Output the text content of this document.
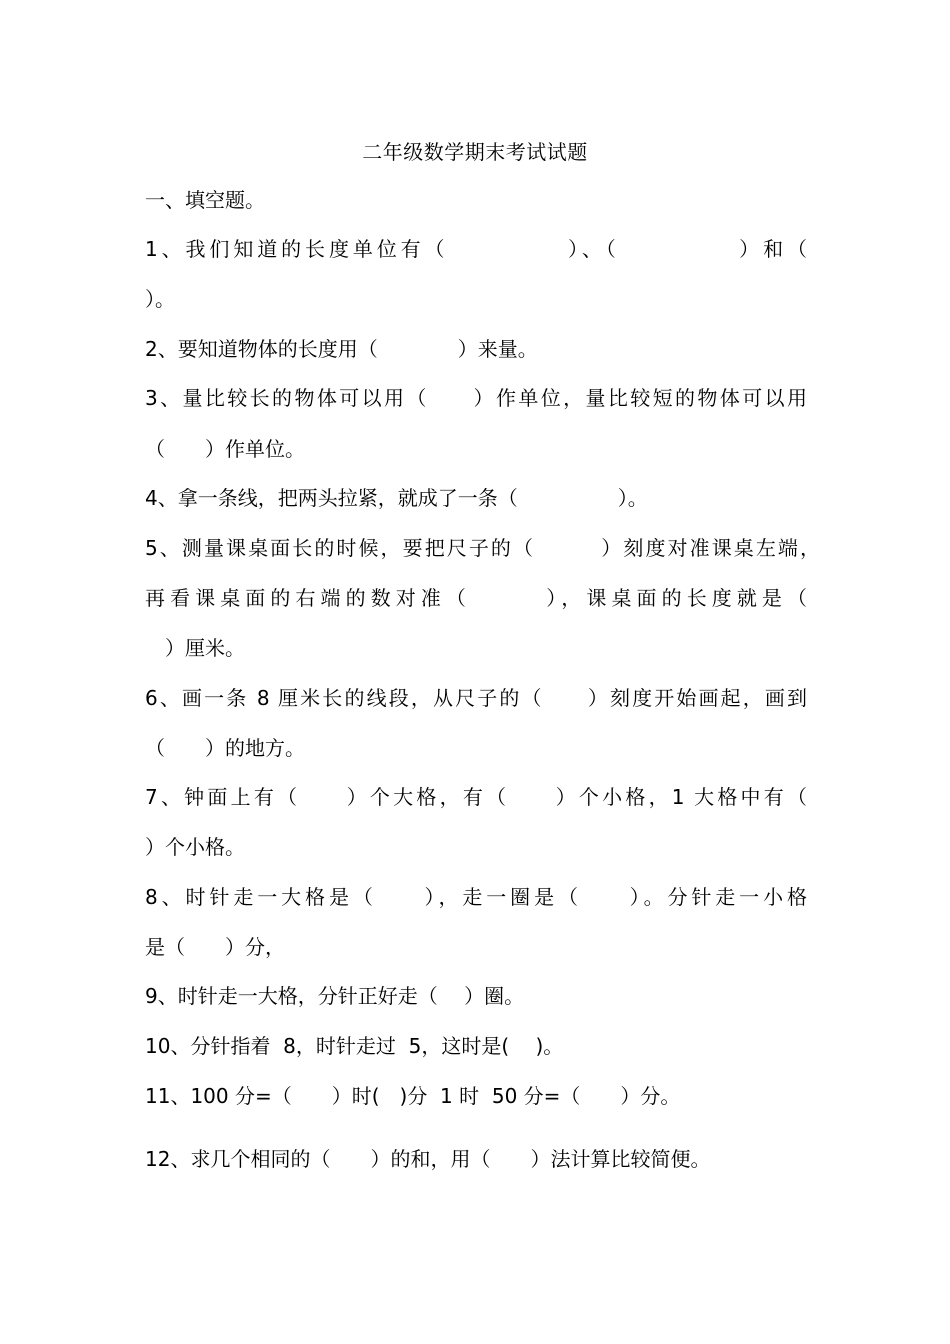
二年级数学期末考试试题
一、填空题。
1、我们知道的长度单位有（　　　　　）、（　　　　　）和（
）。
2、要知道物体的长度用（　　　　）来量。
3、量比较长的物体可以用（　　）作单位，量比较短的物体可以用
（　　）作单位。
4、拿一条线，把两头拉紧，就成了一条（　　　　　）。
5、测量课桌面长的时候，要把尺子的（　　　）刻度对准课桌左端，
再看课桌面的右端的数对准（　　　），课桌面的长度就是（
）厘米。
6、画一条 8 厘米长的线段，从尺子的（　　）刻度开始画起，画到
（　　）的地方。
7、钟面上有（　　）个大格，有（　　）个小格，1 大格中有（
）个小格。
8、时针走一大格是（　　），走一圈是（　　）。分针走一小格
是（　　）分，
9、时针走一大格，分针正好走（　 ）圈。
10、分针指着  8，时针走过  5，这时是(　 )。
11、100 分=（　　）时(　)分  1 时  50 分=（　　）分。
12、求几个相同的（　　）的和，用（　　）法计算比较简便。
